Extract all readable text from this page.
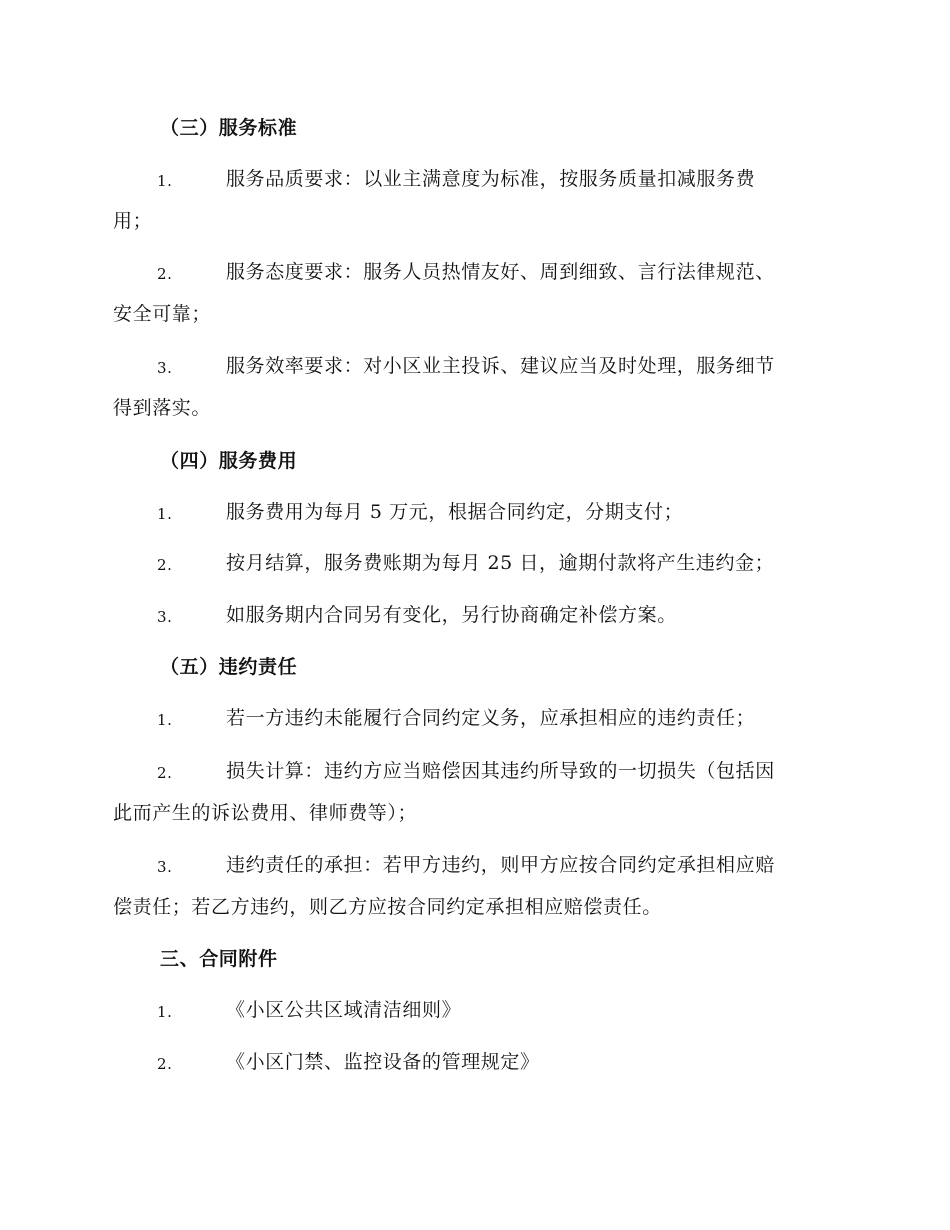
（三）服务标准
1.	服务品质要求：以业主满意度为标准，按服务质量扣减服务费
用；
2.	服务态度要求：服务人员热情友好、周到细致、言行法律规范、
安全可靠；
3.	服务效率要求：对小区业主投诉、建议应当及时处理，服务细节
得到落实。
（四）服务费用
1.	服务费用为每月 5 万元，根据合同约定，分期支付；
2.	按月结算，服务费账期为每月 25 日，逾期付款将产生违约金；
3.	如服务期内合同另有变化，另行协商确定补偿方案。
（五）违约责任
1.	若一方违约未能履行合同约定义务，应承担相应的违约责任；
2.	损失计算：违约方应当赔偿因其违约所导致的一切损失（包括因
此而产生的诉讼费用、律师费等）；
3.	违约责任的承担：若甲方违约，则甲方应按合同约定承担相应赔
偿责任；若乙方违约，则乙方应按合同约定承担相应赔偿责任。
三、合同附件
1.	《小区公共区域清洁细则》
2.	《小区门禁、监控设备的管理规定》
